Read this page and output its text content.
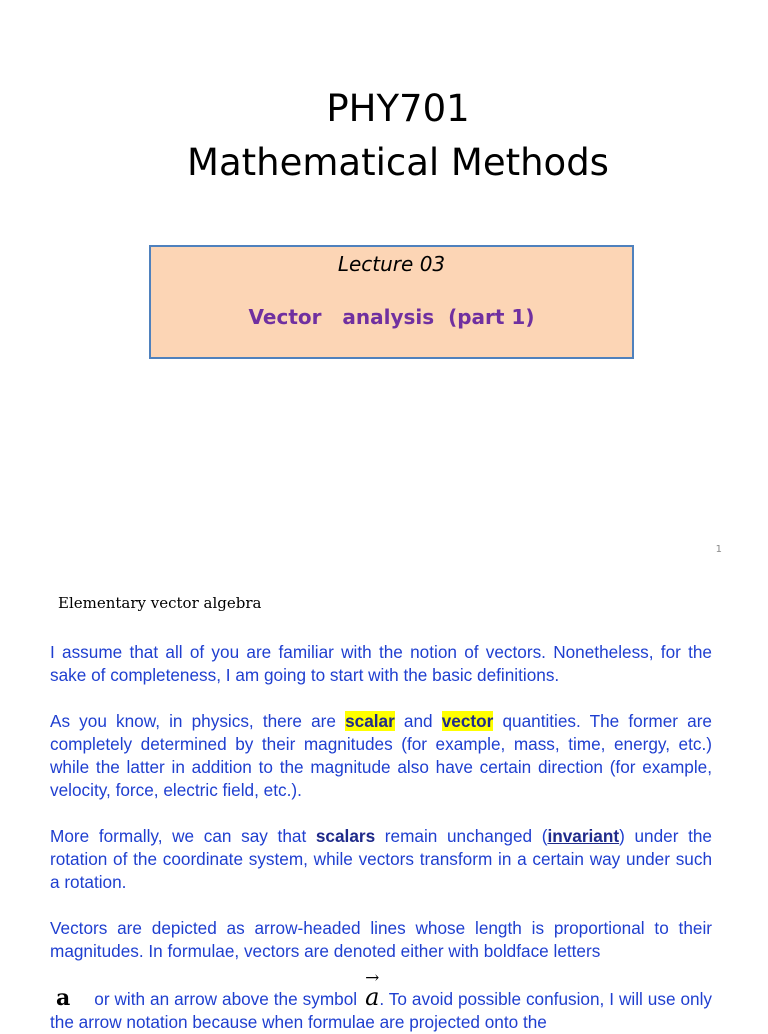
PHY701
Mathematical Methods
Lecture 03
Vector   analysis  (part 1)
1
Elementary vector algebra
I assume that all of you are familiar with the notion of vectors. Nonetheless, for the sake of completeness, I am going to start with the basic definitions.
As you know, in physics, there are scalar and vector quantities. The former are completely determined by their magnitudes (for example, mass, time, energy, etc.) while the latter in addition to the magnitude also have certain direction (for example, velocity, force, electric field, etc.).
More formally, we can say that scalars remain unchanged (invariant) under the rotation of the coordinate system, while vectors transform in a certain way under such a rotation.
Vectors are depicted as arrow-headed lines whose length is proportional to their magnitudes. In formulae, vectors are denoted either with boldface letters
a or with an arrow above the symbol→ a. To avoid possible confusion, I will use only the arrow notation because when formulae are projected onto the
